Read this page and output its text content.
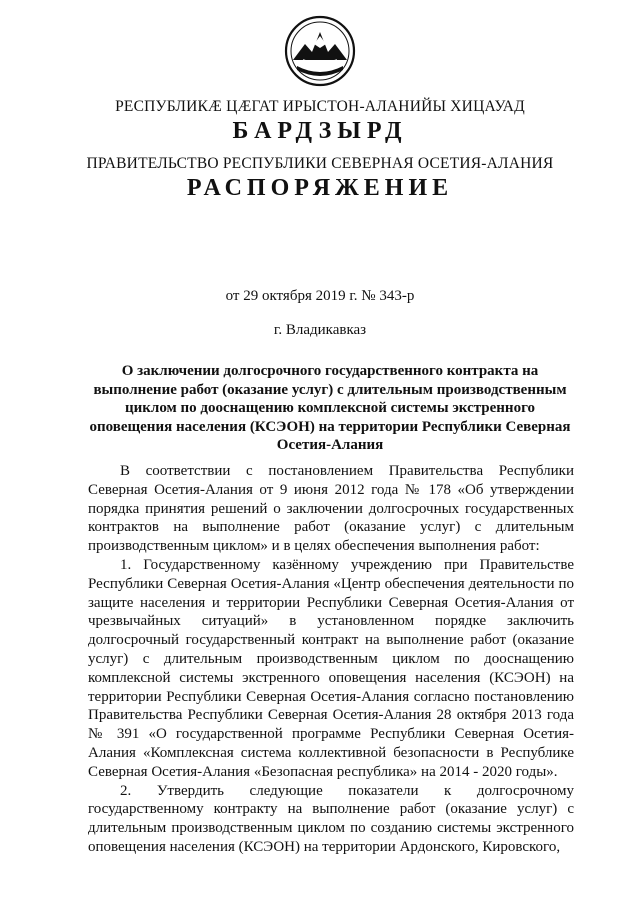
РЕСПУБЛИКÆ ЦÆГАТ ИРЫСТОН-АЛАНИЙЫ ХИЦАУАД
БАРДЗЫРД
ПРАВИТЕЛЬСТВО РЕСПУБЛИКИ СЕВЕРНАЯ ОСЕТИЯ-АЛАНИЯ
РАСПОРЯЖЕНИЕ
от 29 октября 2019 г. № 343-р
г. Владикавказ
О заключении долгосрочного государственного контракта на выполнение работ (оказание услуг) с длительным производственным циклом по дооснащению комплексной системы экстренного оповещения населения (КСЭОН) на территории Республики Северная Осетия-Алания

В соответствии с постановлением Правительства Республики Северная Осетия-Алания от 9 июня 2012 года № 178 «Об утверждении порядка принятия решений о заключении долгосрочных государственных контрактов на выполнение работ (оказание услуг) с длительным производственным циклом» и в целях обеспечения выполнения работ:

1. Государственному казённому учреждению при Правительстве Республики Северная Осетия-Алания «Центр обеспечения деятельности по защите населения и территории Республики Северная Осетия-Алания от чрезвычайных ситуаций» в установленном порядке заключить долгосрочный государственный контракт на выполнение работ (оказание услуг) с длительным производственным циклом по дооснащению комплексной системы экстренного оповещения населения (КСЭОН) на территории Республики Северная Осетия-Алания согласно постановлению Правительства Республики Северная Осетия-Алания 28 октября 2013 года № 391 «О государственной программе Республики Северная Осетия-Алания «Комплексная система коллективной безопасности в Республике Северная Осетия-Алания «Безопасная республика» на 2014 - 2020 годы».

2. Утвердить следующие показатели к долгосрочному государственному контракту на выполнение работ (оказание услуг) с длительным производственным циклом по созданию системы экстренного оповещения населения (КСЭОН) на территории Ардонского, Кировского,
